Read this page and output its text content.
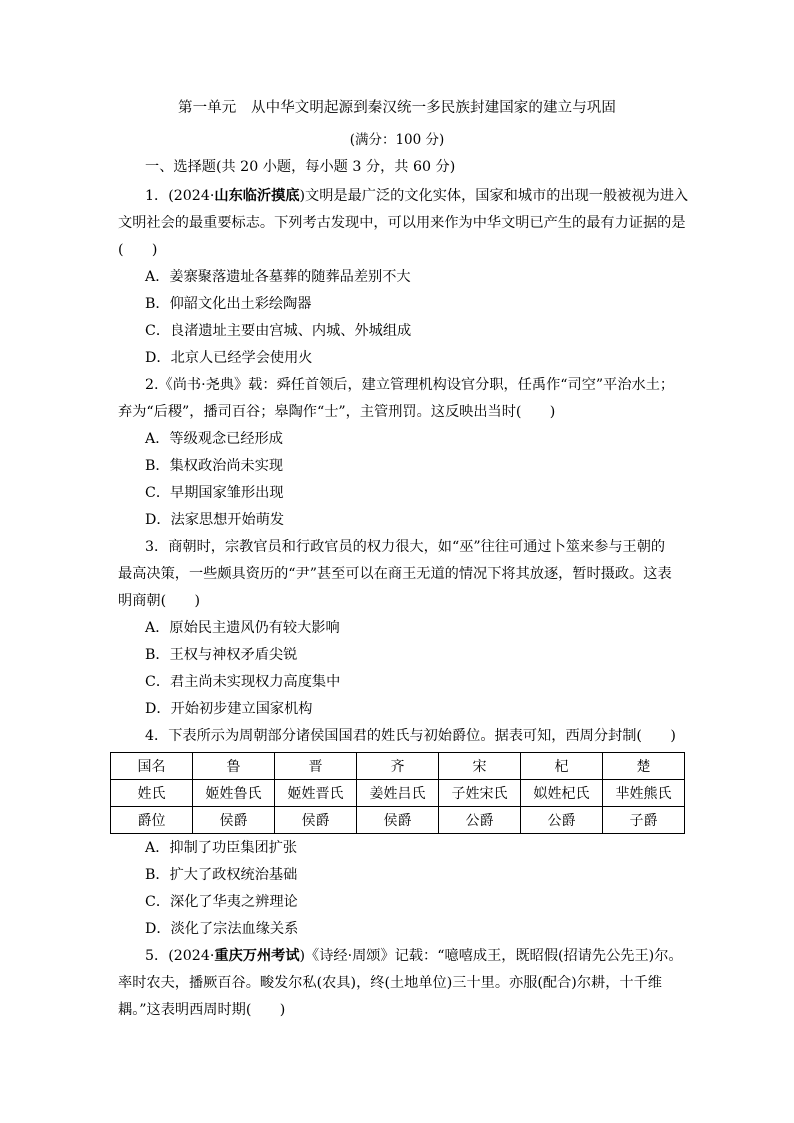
第一单元　从中华文明起源到秦汉统一多民族封建国家的建立与巩固
(满分：100 分)
一、选择题(共 20 小题，每小题 3 分，共 60 分)
1．(2024·山东临沂摸底)文明是最广泛的文化实体，国家和城市的出现一般被视为进入
文明社会的最重要标志。下列考古发现中，可以用来作为中华文明已产生的最有力证据的是
(　　)
A．姜寨聚落遗址各墓葬的随葬品差别不大
B．仰韶文化出土彩绘陶器
C．良渚遗址主要由宫城、内城、外城组成
D．北京人已经学会使用火
2.《尚书·尧典》载：舜任首领后，建立管理机构设官分职，任禹作“司空”平治水土；
弃为“后稷”，播司百谷；皋陶作“士”，主管刑罚。这反映出当时(　　)
A．等级观念已经形成
B．集权政治尚未实现
C．早期国家雏形出现
D．法家思想开始萌发
3．商朝时，宗教官员和行政官员的权力很大，如“巫”往往可通过卜筮来参与王朝的
最高决策，一些颇具资历的“尹”甚至可以在商王无道的情况下将其放逐，暂时摄政。这表
明商朝(　　)
A．原始民主遗风仍有较大影响
B．王权与神权矛盾尖锐
C．君主尚未实现权力高度集中
D．开始初步建立国家机构
4．下表所示为周朝部分诸侯国国君的姓氏与初始爵位。据表可知，西周分封制(　　)
国名	鲁	晋	齐	宋	杞	楚
姓氏	姬姓鲁氏	姬姓晋氏	姜姓吕氏	子姓宋氏	姒姓杞氏	芈姓熊氏
爵位	侯爵	侯爵	侯爵	公爵	公爵	子爵
A．抑制了功臣集团扩张
B．扩大了政权统治基础
C．深化了华夷之辨理论
D．淡化了宗法血缘关系
5．(2024·重庆万州考试)《诗经·周颂》记载：“噫嘻成王，既昭假(招请先公先王)尔。
率时农夫，播厥百谷。畯发尔私(农具)，终(土地单位)三十里。亦服(配合)尔耕，十千维
耦。”这表明西周时期(　　)
